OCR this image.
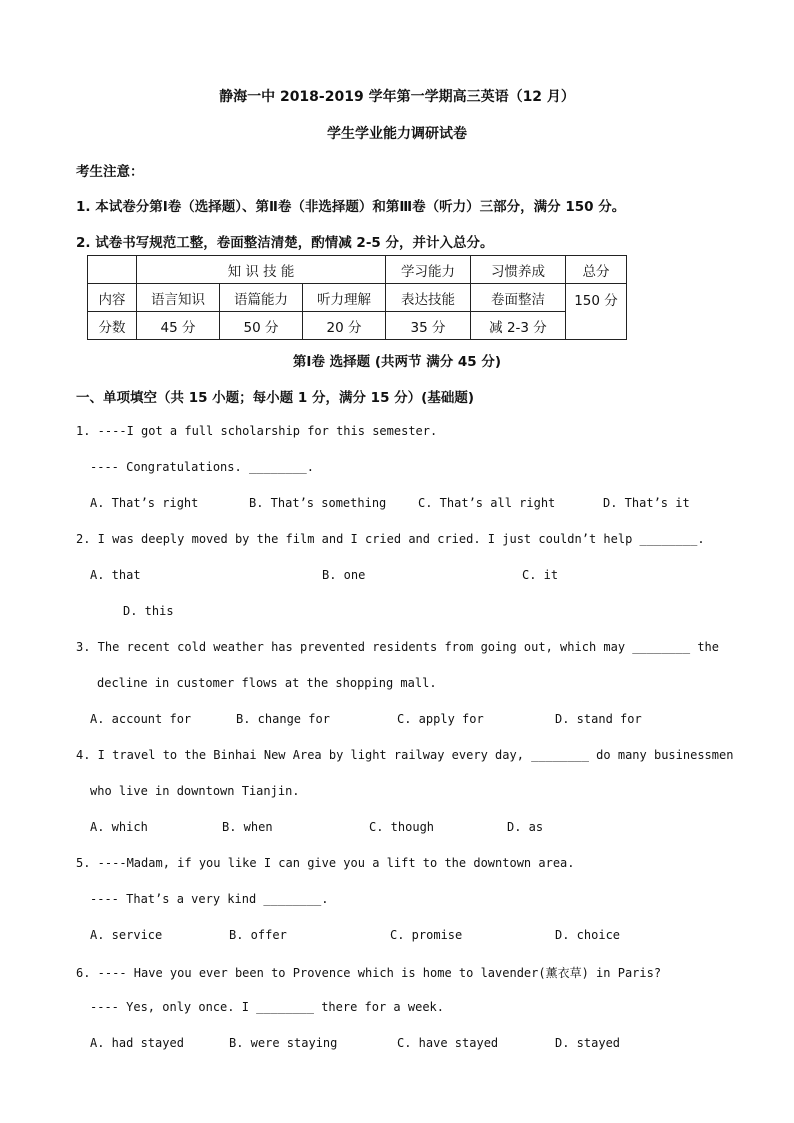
静海一中 2018-2019 学年第一学期高三英语（12 月）
学生学业能力调研试卷
考生注意：
1. 本试卷分第Ⅰ卷（选择题）、第Ⅱ卷（非选择题）和第Ⅲ卷（听力）三部分，满分 150 分。
2. 试卷书写规范工整，卷面整洁清楚，酌情减 2-5 分，并计入总分。
	知 识 技 能			学习能力	习惯养成	总分
内容	语言知识	语篇能力	听力理解	表达技能	卷面整洁	150 分
分数	45 分	50 分	20 分	35 分	减 2-3 分	
第Ⅰ卷 选择题 (共两节 满分 45 分)
一、单项填空（共 15 小题；每小题 1 分，满分 15 分）(基础题)
1. ----I got a full scholarship for this semester.
---- Congratulations. ________.
A. That’s right	B. That’s something	C. That’s all right	D. That’s it
2. I was deeply moved by the film and I cried and cried. I just couldn’t help ________.
A. that	B. one	C. it
D. this
3. The recent cold weather has prevented residents from going out, which may ________ the
decline in customer flows at the shopping mall.
A. account for	B. change for	C. apply for	D. stand for
4. I travel to the Binhai New Area by light railway every day, ________ do many businessmen
who live in downtown Tianjin.
A. which	B. when	C. though	D. as
5. ----Madam, if you like I can give you a lift to the downtown area.
---- That’s a very kind ________.
A. service	B. offer	C. promise	D. choice
6. ---- Have you ever been to Provence which is home to lavender(薰衣草) in Paris?
---- Yes, only once. I ________ there for a week.
A. had stayed	B. were staying	C. have stayed	D. stayed
